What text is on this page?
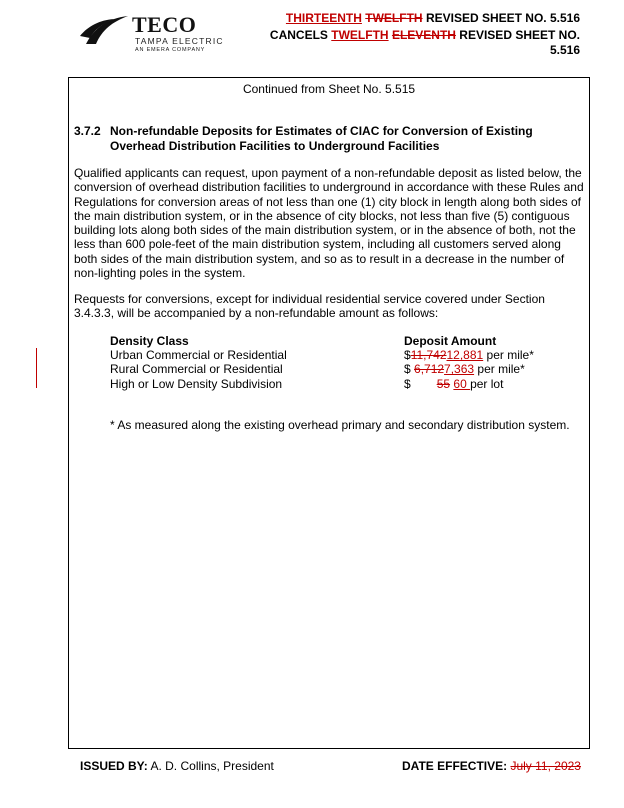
TECO
TAMPA ELECTRIC
AN EMERA COMPANY
THIRTEENTH TWELFTH REVISED SHEET NO. 5.516
CANCELS TWELFTH ELEVENTH REVISED SHEET NO.
5.516
Continued from Sheet No. 5.515
3.7.2 Non-refundable Deposits for Estimates of CIAC for Conversion of Existing Overhead Distribution Facilities to Underground Facilities
Qualified applicants can request, upon payment of a non-refundable deposit as listed below, the conversion of overhead distribution facilities to underground in accordance with these Rules and Regulations for conversion areas of not less than one (1) city block in length along both sides of the main distribution system, or in the absence of city blocks, not less than five (5) contiguous building lots along both sides of the main distribution system, or in the absence of both, not the less than 600 pole-feet of the main distribution system, including all customers served along both sides of the main distribution system, and so as to result in a decrease in the number of non-lighting poles in the system.
Requests for conversions, except for individual residential service covered under Section 3.4.3.3, will be accompanied by a non-refundable amount as follows:
Density Class	Deposit Amount
Urban Commercial or Residential	$11,74212,881 per mile*
Rural Commercial or Residential	$ 6,7127,363 per mile*
High or Low Density Subdivision	$ 55 60 per lot
* As measured along the existing overhead primary and secondary distribution system.
ISSUED BY: A. D. Collins, President	DATE EFFECTIVE: July 11, 2023
